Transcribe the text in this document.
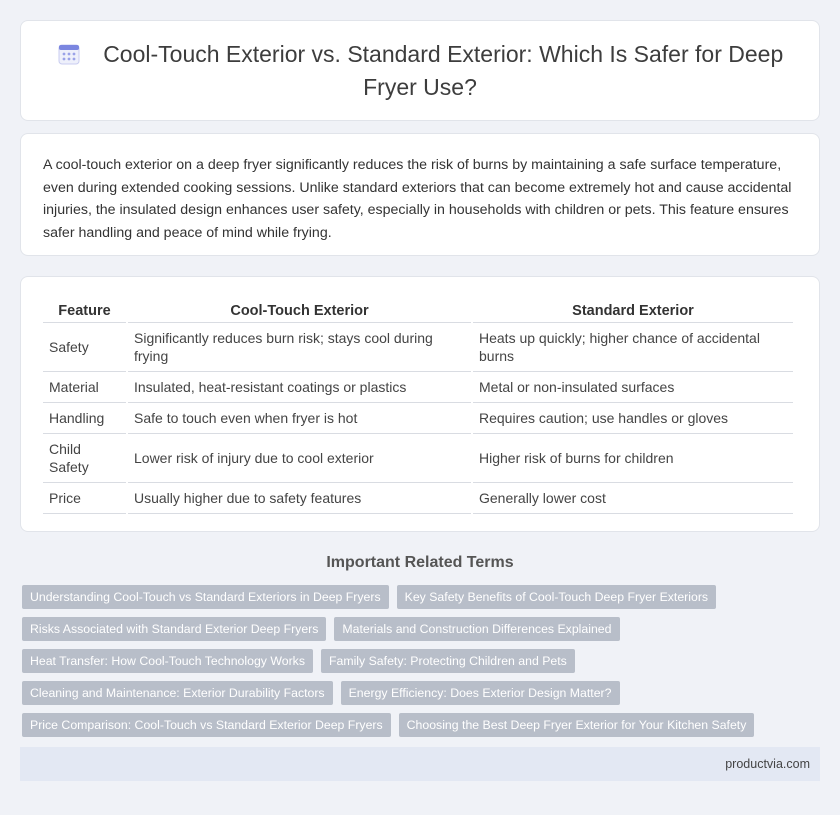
Cool-Touch Exterior vs. Standard Exterior: Which Is Safer for Deep Fryer Use?

A cool-touch exterior on a deep fryer significantly reduces the risk of burns by maintaining a safe surface temperature, even during extended cooking sessions. Unlike standard exteriors that can become extremely hot and cause accidental injuries, the insulated design enhances user safety, especially in households with children or pets. This feature ensures safer handling and peace of mind while frying.

Feature	Cool-Touch Exterior	Standard Exterior
Safety	Significantly reduces burn risk; stays cool during frying	Heats up quickly; higher chance of accidental burns
Material	Insulated, heat-resistant coatings or plastics	Metal or non-insulated surfaces
Handling	Safe to touch even when fryer is hot	Requires caution; use handles or gloves
Child Safety	Lower risk of injury due to cool exterior	Higher risk of burns for children
Price	Usually higher due to safety features	Generally lower cost
Important Related Terms
Understanding Cool-Touch vs Standard Exteriors in Deep Fryers	Key Safety Benefits of Cool-Touch Deep Fryer Exteriors
Risks Associated with Standard Exterior Deep Fryers	Materials and Construction Differences Explained
Heat Transfer: How Cool-Touch Technology Works	Family Safety: Protecting Children and Pets
Cleaning and Maintenance: Exterior Durability Factors	Energy Efficiency: Does Exterior Design Matter?
Price Comparison: Cool-Touch vs Standard Exterior Deep Fryers	Choosing the Best Deep Fryer Exterior for Your Kitchen Safety
productvia.com
